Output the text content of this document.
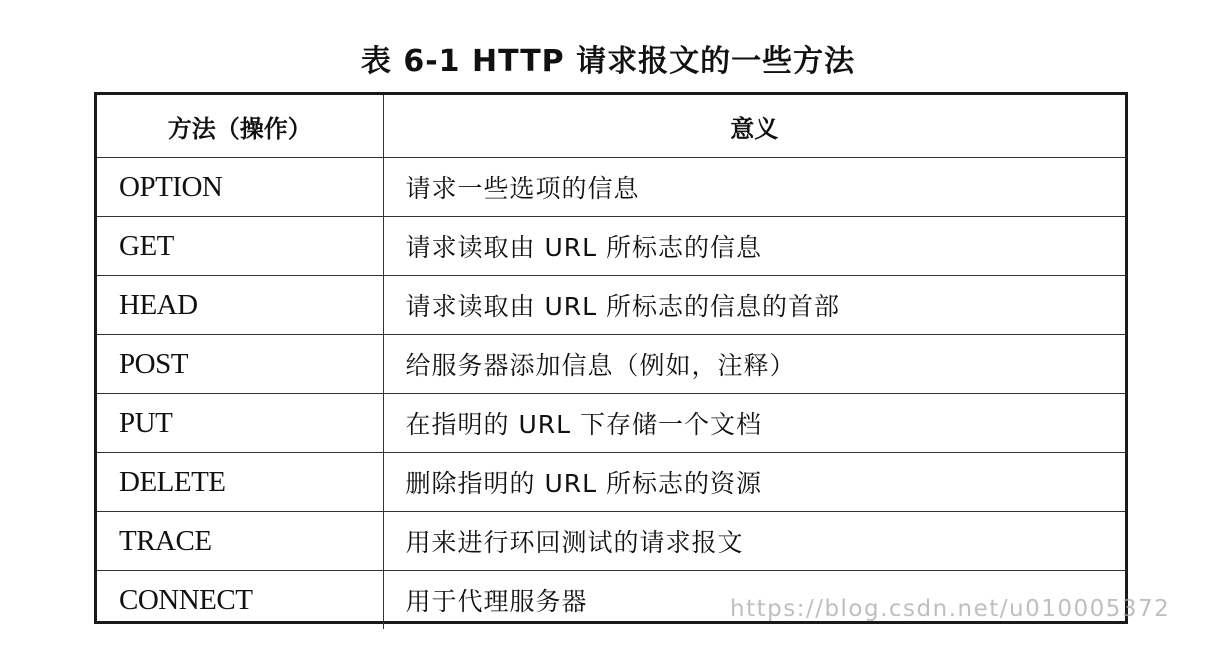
表 6-1 HTTP 请求报文的一些方法
方法（操作）	意义
OPTION	请求一些选项的信息
GET	请求读取由 URL 所标志的信息
HEAD	请求读取由 URL 所标志的信息的首部
POST	给服务器添加信息（例如，注释）
PUT	在指明的 URL 下存储一个文档
DELETE	删除指明的 URL 所标志的资源
TRACE	用来进行环回测试的请求报文
CONNECT	用于代理服务器	https://blog.csdn.net/u010005372
